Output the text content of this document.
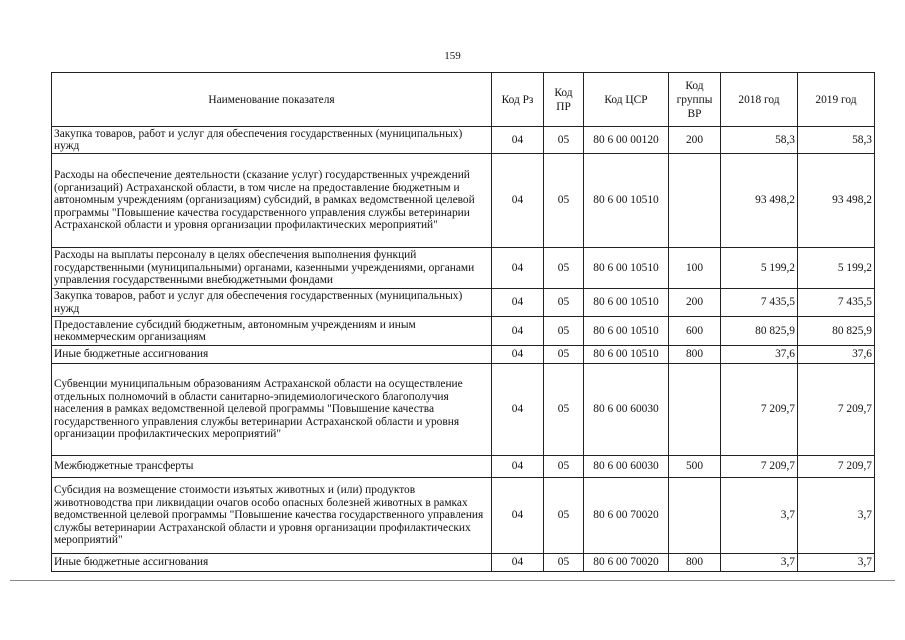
159
Наименование показателя	Код Рз	Код ПР	Код ЦСР	Код группы ВР	2018 год	2019 год
Закупка товаров, работ и услуг для обеспечения государственных (муниципальных) нужд	04	05	80 6 00 00120	200	58,3	58,3
Расходы на обеспечение деятельности (сказание услуг) государственных учреждений (организаций) Астраханской области, в том числе на предоставление бюджетным и автономным учреждениям (организациям) субсидий, в рамках ведомственной целевой программы "Повышение качества государственного управления службы ветеринарии Астраханской области и уровня организации профилактических мероприятий"	04	05	80 6 00 10510		93 498,2	93 498,2
Расходы на выплаты персоналу в целях обеспечения выполнения функций государственными (муниципальными) органами, казенными учреждениями, органами управления государственными внебюджетными фондами	04	05	80 6 00 10510	100	5 199,2	5 199,2
Закупка товаров, работ и услуг для обеспечения государственных (муниципальных) нужд	04	05	80 6 00 10510	200	7 435,5	7 435,5
Предоставление субсидий бюджетным, автономным учреждениям и иным некоммерческим организациям	04	05	80 6 00 10510	600	80 825,9	80 825,9
Иные бюджетные ассигнования	04	05	80 6 00 10510	800	37,6	37,6
Субвенции муниципальным образованиям Астраханской области на осуществление отдельных полномочий в области санитарно-эпидемиологического благополучия населения в рамках ведомственной целевой программы "Повышение качества государственного управления службы ветеринарии Астраханской области и уровня организации профилактических мероприятий"	04	05	80 6 00 60030		7 209,7	7 209,7
Межбюджетные трансферты	04	05	80 6 00 60030	500	7 209,7	7 209,7
Субсидия на возмещение стоимости изъятых животных и (или) продуктов животноводства при ликвидации очагов особо опасных болезней животных в рамках ведомственной целевой программы "Повышение качества государственного управления службы ветеринарии Астраханской области и уровня организации профилактических мероприятий"	04	05	80 6 00 70020		3,7	3,7
Иные бюджетные ассигнования	04	05	80 6 00 70020	800	3,7	3,7
